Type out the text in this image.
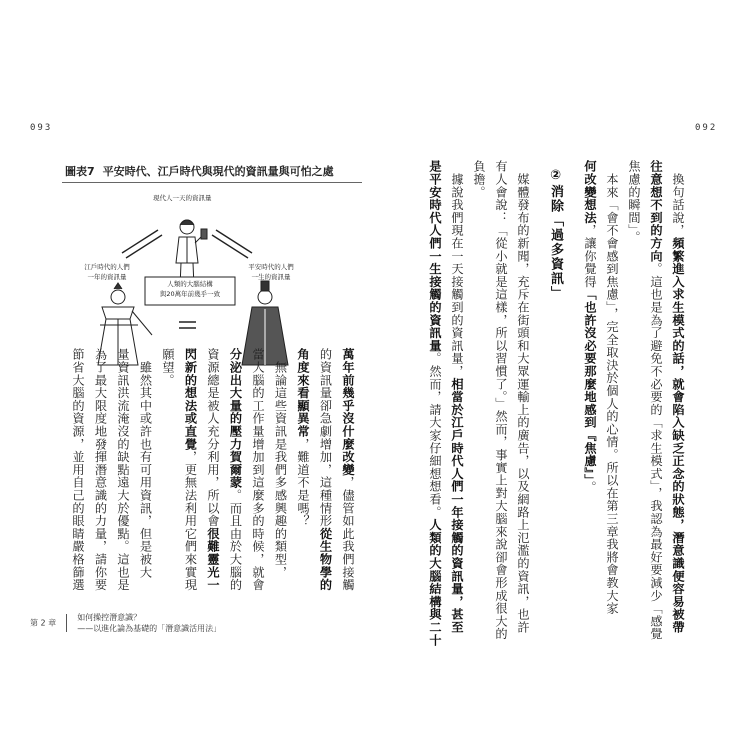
093	092
圖表7 平安時代、江戶時代與現代的資訊量與可怕之處
現代人一天的資訊量
江戶時代的人們
一年的資訊量
平安時代的人們
一生的資訊量
人類的大腦結構
與20萬年前幾乎一致
萬年前幾乎沒什麼改變，儘管如此我們接觸
的資訊量卻急劇增加，這種情形從生物學的
角度來看顯異常，難道不是嗎？
　無論這些資訊是我們多感興趣的類型，
當大腦的工作量增加到這麼多的時候，就會
分泌出大量的壓力賀爾蒙。而且由於大腦的
資源總是被人充分利用，所以會很難靈光一
閃新的想法或直覺，更無法利用它們來實現
願望。
　雖然其中或許也有可用資訊，但是被大
量資訊洪流淹沒的缺點遠大於優點。這也是
為了最大限度地發揮潛意識的力量，請你要
節省大腦的資源，並用自己的眼睛嚴格篩選
　換句話說，頻繁進入求生模式的話，就會陷入缺乏正念的狀態，潛意識便容易被帶
往意想不到的方向。這也是為了避免不必要的「求生模式」，我認為最好要減少「感覺
焦慮的瞬間」。
　本來「會不會感到焦慮」，完全取決於個人的心情。所以在第三章我將會教大家
何改變想法，讓你覺得「也許沒必要那麼地感到『焦慮』」。
②消除「過多資訊」
　媒體發布的新聞，充斥在街頭和大眾運輸上的廣告，以及網路上氾濫的資訊，也許
有人會說：「從小就是這樣，所以習慣了。」然而，事實上對大腦來說卻會形成很大的
負擔。
　據說我們現在一天接觸到的資訊量，相當於江戶時代人們一年接觸的資訊量，甚至
是平安時代人們一生接觸的資訊量。然而，請大家仔細想想看。人類的大腦結構與二十
第 2 章
如何操控潛意識？
——以進化論為基礎的「潛意識活用法」
